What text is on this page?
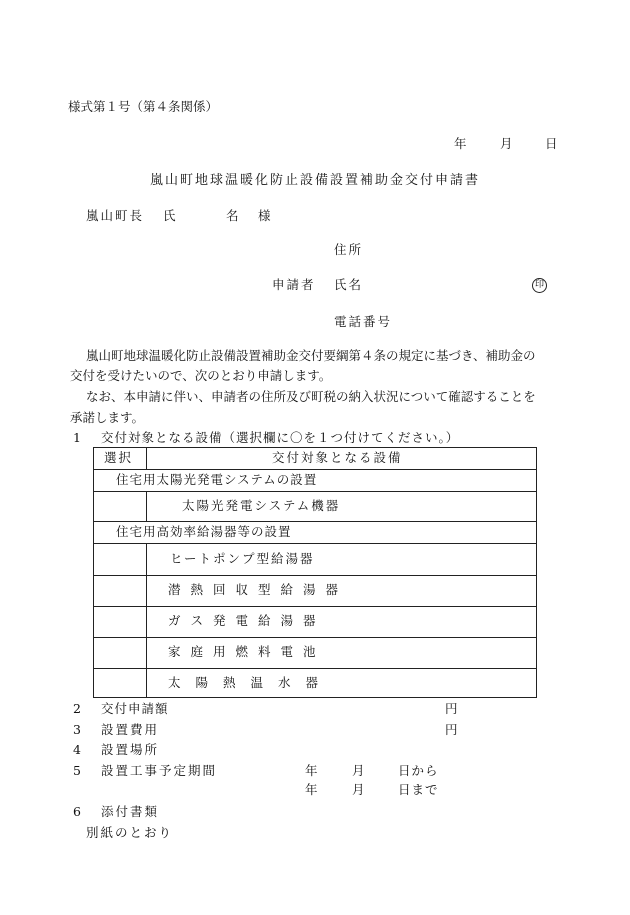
様式第１号（第４条関係）
年	月	日
嵐山町地球温暖化防止設備設置補助金交付申請書
嵐山町長 氏	名 様
住所
申請者 氏名
電話番号
印
嵐山町地球温暖化防止設備設置補助金交付要綱第４条の規定に基づき、補助金の
交付を受けたいので、次のとおり申請します。
なお、本申請に伴い、申請者の住所及び町税の納入状況について確認することを
承諾します。
1 交付対象となる設備（選択欄に〇を１つ付けてください。）
選択	交付対象となる設備
住宅用太陽光発電システムの設置
太陽光発電システム機器
住宅用高効率給湯器等の設置
ヒートポンプ型給湯器
潜熱回収型給湯器
ガス発電給湯器
家庭用燃料電池
太陽熱温水器
2 交付申請額	円
3 設置費用	円
4 設置場所
5 設置工事予定期間	年	月	日から
年	月	日まで
6 添付書類
別紙のとおり
